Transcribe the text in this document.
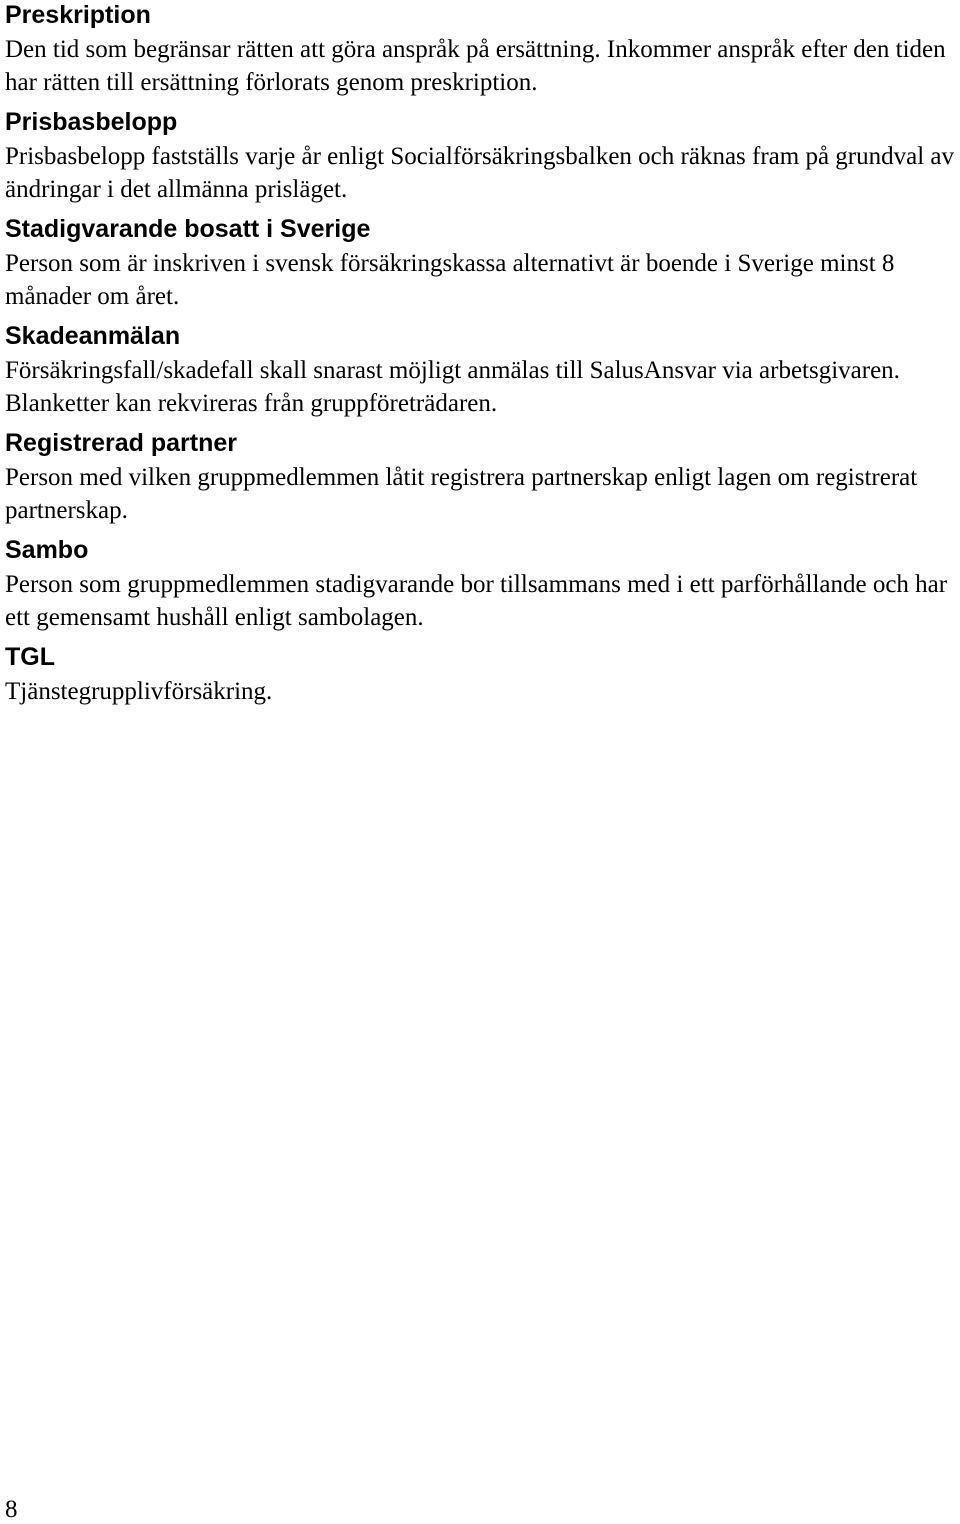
Preskription

Den tid som begränsar rätten att göra anspråk på ersättning. Inkommer anspråk efter den tiden har rätten till ersättning förlorats genom preskription.

Prisbasbelopp

Prisbasbelopp fastställs varje år enligt Socialförsäkringsbalken och räknas fram på grundval av ändringar i det allmänna prisläget.

Stadigvarande bosatt i Sverige

Person som är inskriven i svensk försäkringskassa alternativt är boende i Sverige minst 8 månader om året.

Skadeanmälan

Försäkringsfall/skadefall skall snarast möjligt anmälas till SalusAnsvar via arbetsgivaren. Blanketter kan rekvireras från gruppföreträdaren.

Registrerad partner

Person med vilken gruppmedlemmen låtit registrera partnerskap enligt lagen om registrerat partnerskap.

Sambo

Person som gruppmedlemmen stadigvarande bor tillsammans med i ett parförhållande och har ett gemensamt hushåll enligt sambolagen.

TGL

Tjänstegrupplivförsäkring.

8
